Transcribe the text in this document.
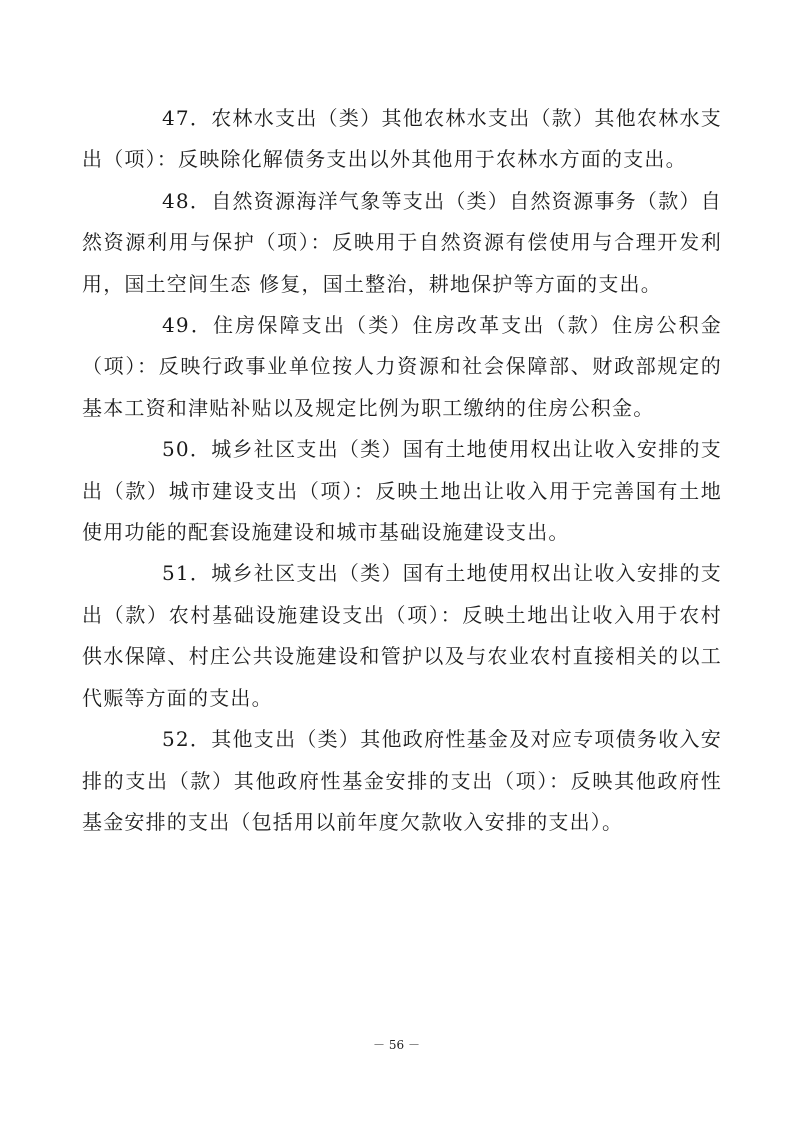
47．农林水支出（类）其他农林水支出（款）其他农林水支出（项）：反映除化解债务支出以外其他用于农林水方面的支出。

48．自然资源海洋气象等支出（类）自然资源事务（款）自然资源利用与保护（项）：反映用于自然资源有偿使用与合理开发利用，国土空间生态 修复，国土整治，耕地保护等方面的支出。

49．住房保障支出（类）住房改革支出（款）住房公积金（项）：反映行政事业单位按人力资源和社会保障部、财政部规定的基本工资和津贴补贴以及规定比例为职工缴纳的住房公积金。

50．城乡社区支出（类）国有土地使用权出让收入安排的支出（款）城市建设支出（项）：反映土地出让收入用于完善国有土地使用功能的配套设施建设和城市基础设施建设支出。

51．城乡社区支出（类）国有土地使用权出让收入安排的支出（款）农村基础设施建设支出（项）：反映土地出让收入用于农村供水保障、村庄公共设施建设和管护以及与农业农村直接相关的以工代赈等方面的支出。

52．其他支出（类）其他政府性基金及对应专项债务收入安排的支出（款）其他政府性基金安排的支出（项）：反映其他政府性基金安排的支出（包括用以前年度欠款收入安排的支出）。

－ 56 －
